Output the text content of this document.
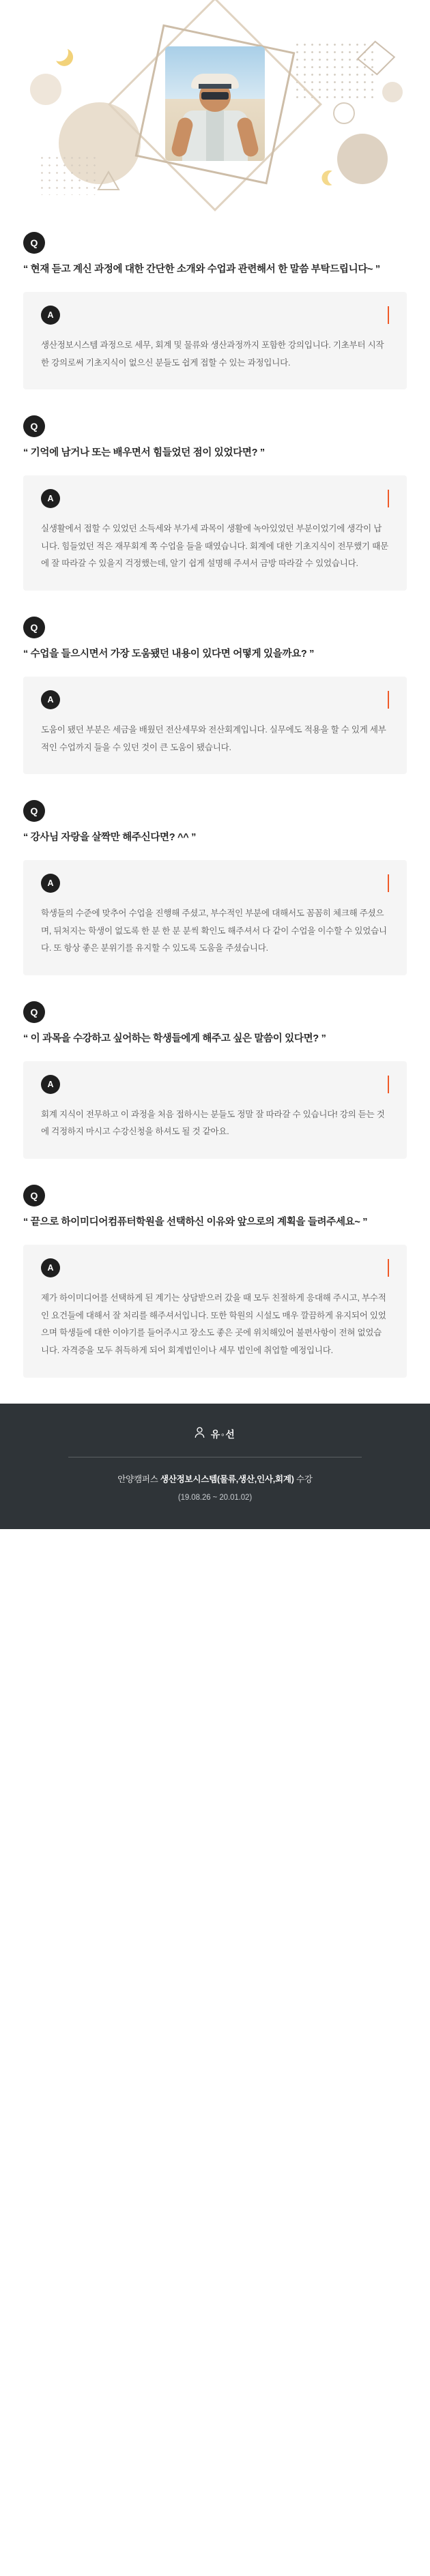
Q

“ 현재 듣고 계신 과정에 대한 간단한 소개와 수업과 관련해서 한 말씀 부탁드립니다~ ”

A

생산정보시스템 과정으로 세무, 회계 및 물류와 생산과정까지 포함한 강의입니다. 기초부터 시작한 강의로써 기초지식이 없으신 분들도 쉽게 접할 수 있는 과정입니다.

Q

“ 기억에 남거나 또는 배우면서 힘들었던 점이 있었다면? ”

A

실생활에서 접할 수 있었던 소득세와 부가세 과목이 생활에 녹아있었던 부분이었기에 생각이 납니다. 힘들었던 적은 재무회계 쪽 수업을 들을 때였습니다. 회계에 대한 기초지식이 전무했기 때문에 잘 따라갈 수 있을지 걱정했는데, 알기 쉽게 설명해 주셔서 금방 따라갈 수 있었습니다.

Q

“ 수업을 들으시면서 가장 도움됐던 내용이 있다면 어떻게 있을까요? ”

A

도움이 됐던 부분은 세금을 배웠던 전산세무와 전산회계입니다. 실무에도 적용을 할 수 있게 세부적인 수업까지 들을 수 있던 것이 큰 도움이 됐습니다.

Q

“ 강사님 자랑을 살짝만 해주신다면? ^^ ”

A

학생들의 수준에 맞추어 수업을 진행해 주셨고, 부수적인 부분에 대해서도 꼼꼼히 체크해 주셨으며, 뒤처지는 학생이 없도록 한 분 한 분 분씩 확인도 해주셔서 다 같이 수업을 이수할 수 있었습니다. 또 항상 좋은 분위기를 유지할 수 있도록 도움을 주셨습니다.

Q

“ 이 과목을 수강하고 싶어하는 학생들에게 해주고 싶은 말씀이 있다면? ”

A

회계 지식이 전무하고 이 과정을 처음 접하시는 분들도 정말 잘 따라갈 수 있습니다! 강의 듣는 것에 걱정하지 마시고 수강신청을 하셔도 될 것 같아요.

Q

“ 끝으로 하이미디어컴퓨터학원을 선택하신 이유와 앞으로의 계획을 들려주세요~ ”

A

제가 하이미디어를 선택하게 된 계기는 상담받으러 갔을 때 모두 친절하게 응대해 주시고, 부수적인 요건들에 대해서 잘 처리를 해주셔서입니다. 또한 학원의 시설도 매우 깔끔하게 유지되어 있었으며 학생들에 대한 이야기를 들어주시고 장소도 좋은 곳에 위치해있어 불편사항이 전혀 없었습니다. 자격증을 모두 취득하게 되어 회계법인이나 세무 법인에 취업할 예정입니다.

유◦선
안양캠퍼스 생산정보시스템(물류,생산,인사,회계) 수강
(19.08.26 ~ 20.01.02)
